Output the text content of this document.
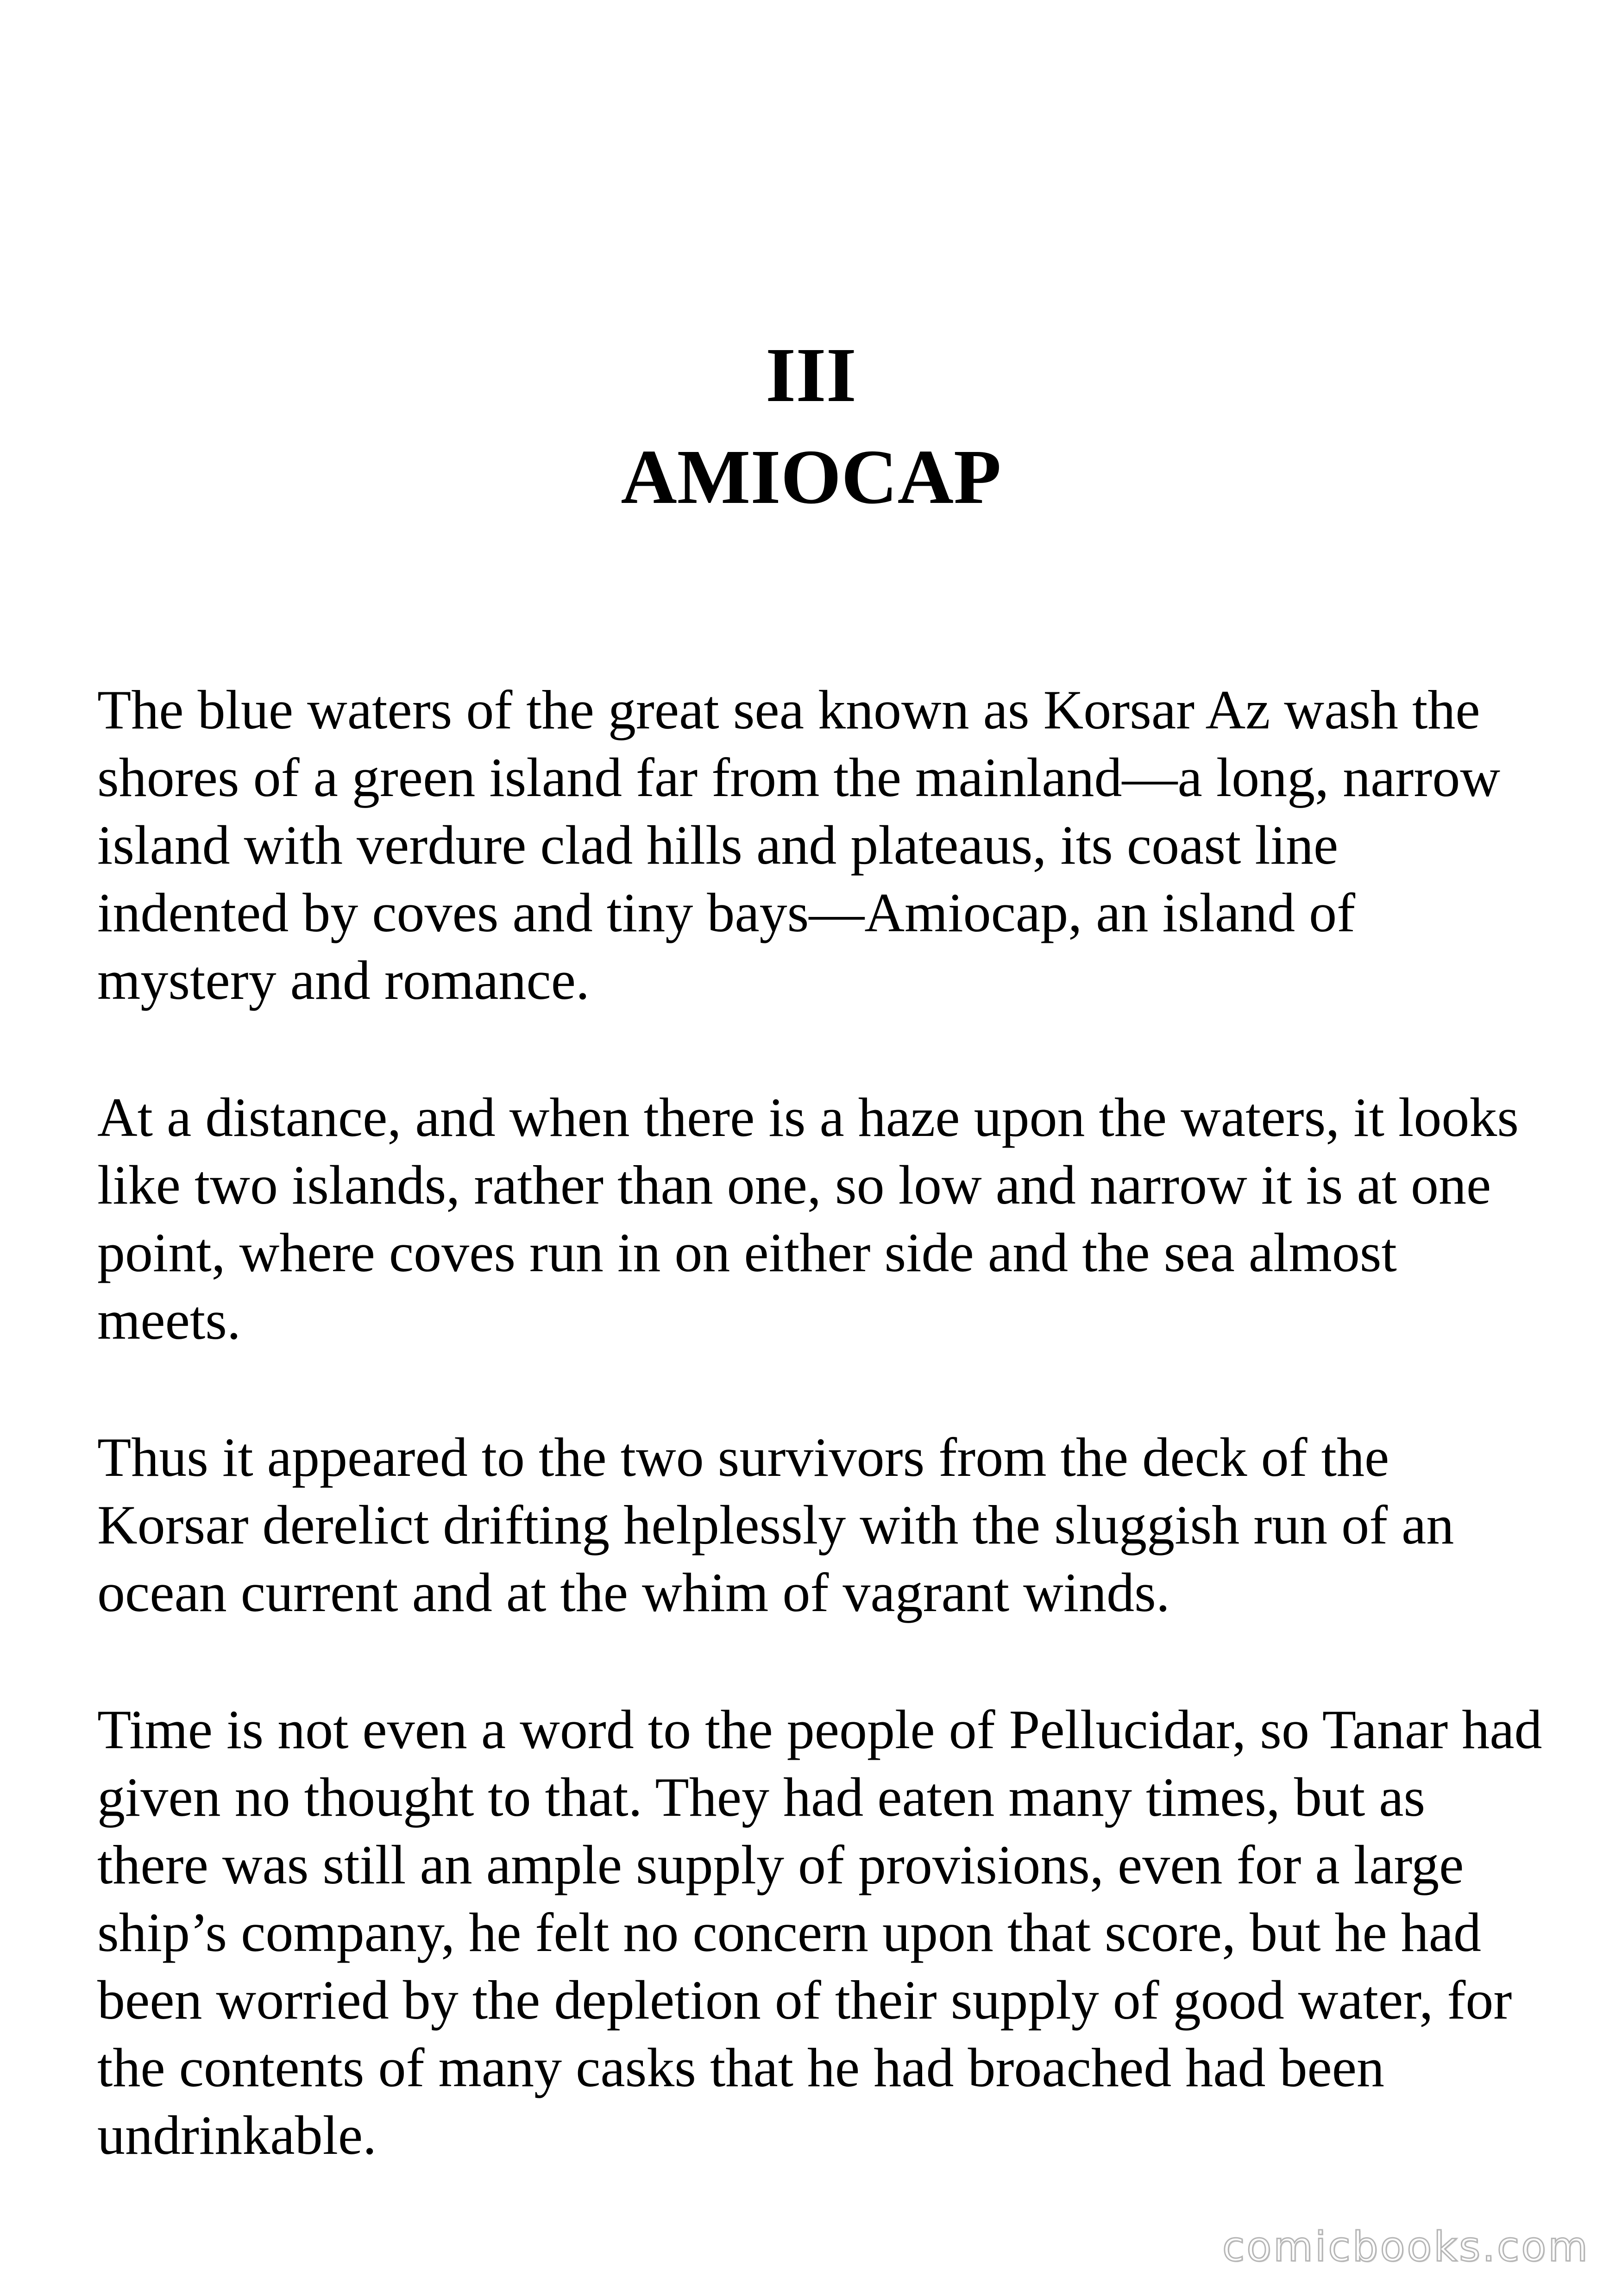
III
AMIOCAP

The blue waters of the great sea known as Korsar Az wash the shores of a green island far from the mainland—a long, narrow island with verdure clad hills and plateaus, its coast line indented by coves and tiny bays—Amiocap, an island of mystery and romance.

At a distance, and when there is a haze upon the waters, it looks like two islands, rather than one, so low and narrow it is at one point, where coves run in on either side and the sea almost meets.

Thus it appeared to the two survivors from the deck of the Korsar derelict drifting helplessly with the sluggish run of an ocean current and at the whim of vagrant winds.

Time is not even a word to the people of Pellucidar, so Tanar had given no thought to that. They had eaten many times, but as there was still an ample supply of provisions, even for a large ship’s company, he felt no concern upon that score, but he had been worried by the depletion of their supply of good water, for the contents of many casks that he had broached had been undrinkable.

comicbooks.com
